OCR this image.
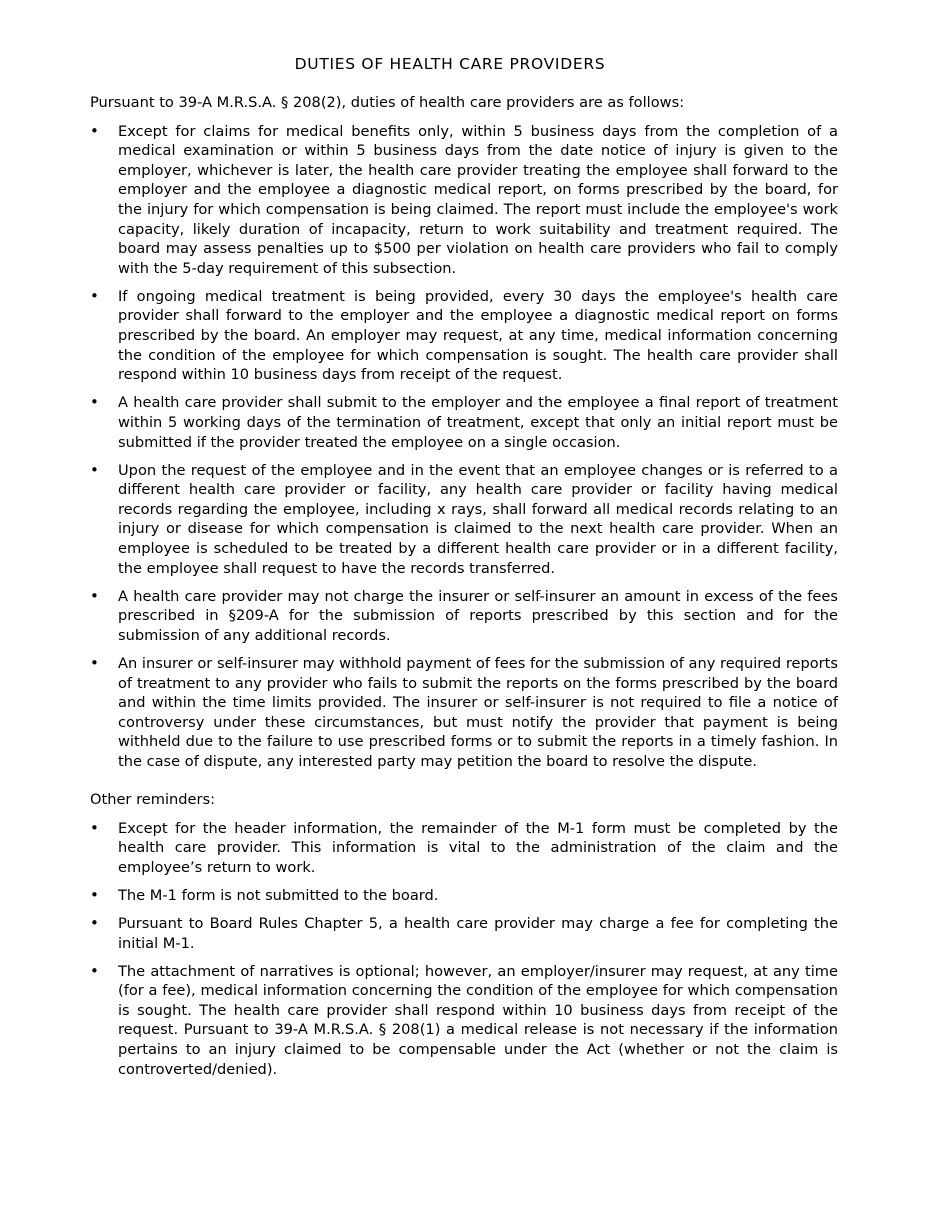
DUTIES OF HEALTH CARE PROVIDERS

Pursuant to 39-A M.R.S.A. § 208(2), duties of health care providers are as follows:

• Except for claims for medical benefits only, within 5 business days from the completion of a medical examination or within 5 business days from the date notice of injury is given to the employer, whichever is later, the health care provider treating the employee shall forward to the employer and the employee a diagnostic medical report, on forms prescribed by the board, for the injury for which compensation is being claimed. The report must include the employee's work capacity, likely duration of incapacity, return to work suitability and treatment required. The board may assess penalties up to $500 per violation on health care providers who fail to comply with the 5-day requirement of this subsection.
• If ongoing medical treatment is being provided, every 30 days the employee's health care provider shall forward to the employer and the employee a diagnostic medical report on forms prescribed by the board. An employer may request, at any time, medical information concerning the condition of the employee for which compensation is sought. The health care provider shall respond within 10 business days from receipt of the request.
• A health care provider shall submit to the employer and the employee a final report of treatment within 5 working days of the termination of treatment, except that only an initial report must be submitted if the provider treated the employee on a single occasion.
• Upon the request of the employee and in the event that an employee changes or is referred to a different health care provider or facility, any health care provider or facility having medical records regarding the employee, including x rays, shall forward all medical records relating to an injury or disease for which compensation is claimed to the next health care provider. When an employee is scheduled to be treated by a different health care provider or in a different facility, the employee shall request to have the records transferred.
• A health care provider may not charge the insurer or self-insurer an amount in excess of the fees prescribed in §209-A for the submission of reports prescribed by this section and for the submission of any additional records.
• An insurer or self-insurer may withhold payment of fees for the submission of any required reports of treatment to any provider who fails to submit the reports on the forms prescribed by the board and within the time limits provided. The insurer or self-insurer is not required to file a notice of controversy under these circumstances, but must notify the provider that payment is being withheld due to the failure to use prescribed forms or to submit the reports in a timely fashion. In the case of dispute, any interested party may petition the board to resolve the dispute.

Other reminders:

• Except for the header information, the remainder of the M-1 form must be completed by the health care provider. This information is vital to the administration of the claim and the employee’s return to work.
• The M-1 form is not submitted to the board.
• Pursuant to Board Rules Chapter 5, a health care provider may charge a fee for completing the initial M-1.
• The attachment of narratives is optional; however, an employer/insurer may request, at any time (for a fee), medical information concerning the condition of the employee for which compensation is sought. The health care provider shall respond within 10 business days from receipt of the request. Pursuant to 39-A M.R.S.A. § 208(1) a medical release is not necessary if the information pertains to an injury claimed to be compensable under the Act (whether or not the claim is controverted/denied).
